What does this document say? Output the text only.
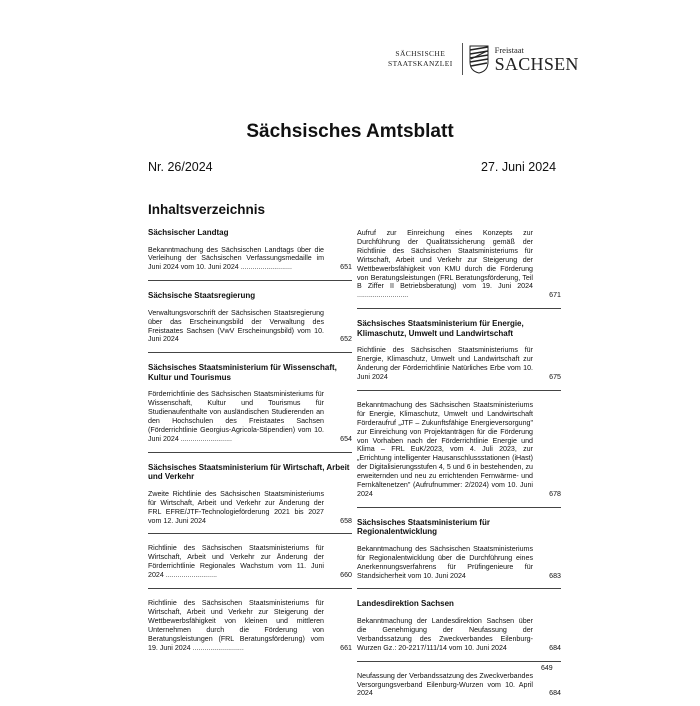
SÄCHSISCHE
STAATSKANZLEI
Freistaat
SACHSEN
Sächsisches Amtsblatt
Nr. 26/2024	27. Juni 2024
Inhaltsverzeichnis
Sächsischer Landtag
Bekanntmachung des Sächsischen Landtags über die Verleihung der Sächsischen Verfassungsmedaille im Juni 2024 vom 10. Juni 2024 ..........................	651
Sächsische Staatsregierung
Verwaltungsvorschrift der Sächsischen Staatsregierung über das Erscheinungsbild der Verwaltung des Freistaates Sachsen (VwV Erscheinungsbild) vom 10. Juni 2024	652
Sächsisches Staatsministerium für Wissenschaft, Kultur und Tourismus
Förderrichtlinie des Sächsischen Staatsministeriums für Wissenschaft, Kultur und Tourismus für Studienaufenthalte von ausländischen Studierenden an den Hochschulen des Freistaates Sachsen (Förderrichtlinie Georgius-Agricola-Stipendien) vom 10. Juni 2024 ..........................	654
Sächsisches Staatsministerium für Wirtschaft, Arbeit und Verkehr
Zweite Richtlinie des Sächsischen Staatsministeriums für Wirtschaft, Arbeit und Verkehr zur Änderung der FRL EFRE/JTF-Technologieförderung 2021 bis 2027 vom 12. Juni 2024	658
Richtlinie des Sächsischen Staatsministeriums für Wirtschaft, Arbeit und Verkehr zur Änderung der Förderrichtlinie Regionales Wachstum vom 11. Juni 2024 ..........................	660
Richtlinie des Sächsischen Staatsministeriums für Wirtschaft, Arbeit und Verkehr zur Steigerung der Wettbewerbsfähigkeit von kleinen und mittleren Unternehmen durch die Förderung von Beratungsleistungen (FRL Beratungsförderung) vom 19. Juni 2024 ..........................	661
Aufruf zur Einreichung eines Konzepts zur Durchführung der Qualitätssicherung gemäß der Richtlinie des Sächsischen Staatsministeriums für Wirtschaft, Arbeit und Verkehr zur Steigerung der Wettbewerbsfähigkeit von KMU durch die Förderung von Beratungsleistungen (FRL Beratungsförderung, Teil B Ziffer II Betriebsberatung) vom 19. Juni 2024 ..........................	671
Sächsisches Staatsministerium für Energie, Klimaschutz, Umwelt und Landwirtschaft
Richtlinie des Sächsischen Staatsministeriums für Energie, Klimaschutz, Umwelt und Landwirtschaft zur Änderung der Förderrichtlinie Natürliches Erbe vom 10. Juni 2024	675
Bekanntmachung des Sächsischen Staatsministeriums für Energie, Klimaschutz, Umwelt und Landwirtschaft Förderaufruf „JTF – Zukunftsfähige Energieversorgung" zur Einreichung von Projektanträgen für die Förderung von Vorhaben nach der Förderrichtlinie Energie und Klima – FRL EuK/2023, vom 4. Juli 2023, zur „Errichtung intelligenter Hausanschlussstationen (iHast) der Digitalisierungsstufen 4, 5 und 6 in bestehenden, zu erweiternden und neu zu errichtenden Fernwärme- und Fernkältenetzen" (Aufrufnummer: 2/2024) vom 10. Juni 2024	678
Sächsisches Staatsministerium für Regionalentwicklung
Bekanntmachung des Sächsischen Staatsministeriums für Regionalentwicklung über die Durchführung eines Anerkennungsverfahrens für Prüfingenieure für Standsicherheit vom 10. Juni 2024	683
Landesdirektion Sachsen
Bekanntmachung der Landesdirektion Sachsen über die Genehmigung der Neufassung der Verbandssatzung des Zweckverbandes Eilenburg-Wurzen Gz.: 20-2217/111/14 vom 10. Juni 2024	684
Neufassung der Verbandssatzung des Zweckverbandes Versorgungsverband Eilenburg-Wurzen vom 10. April 2024	684
649
